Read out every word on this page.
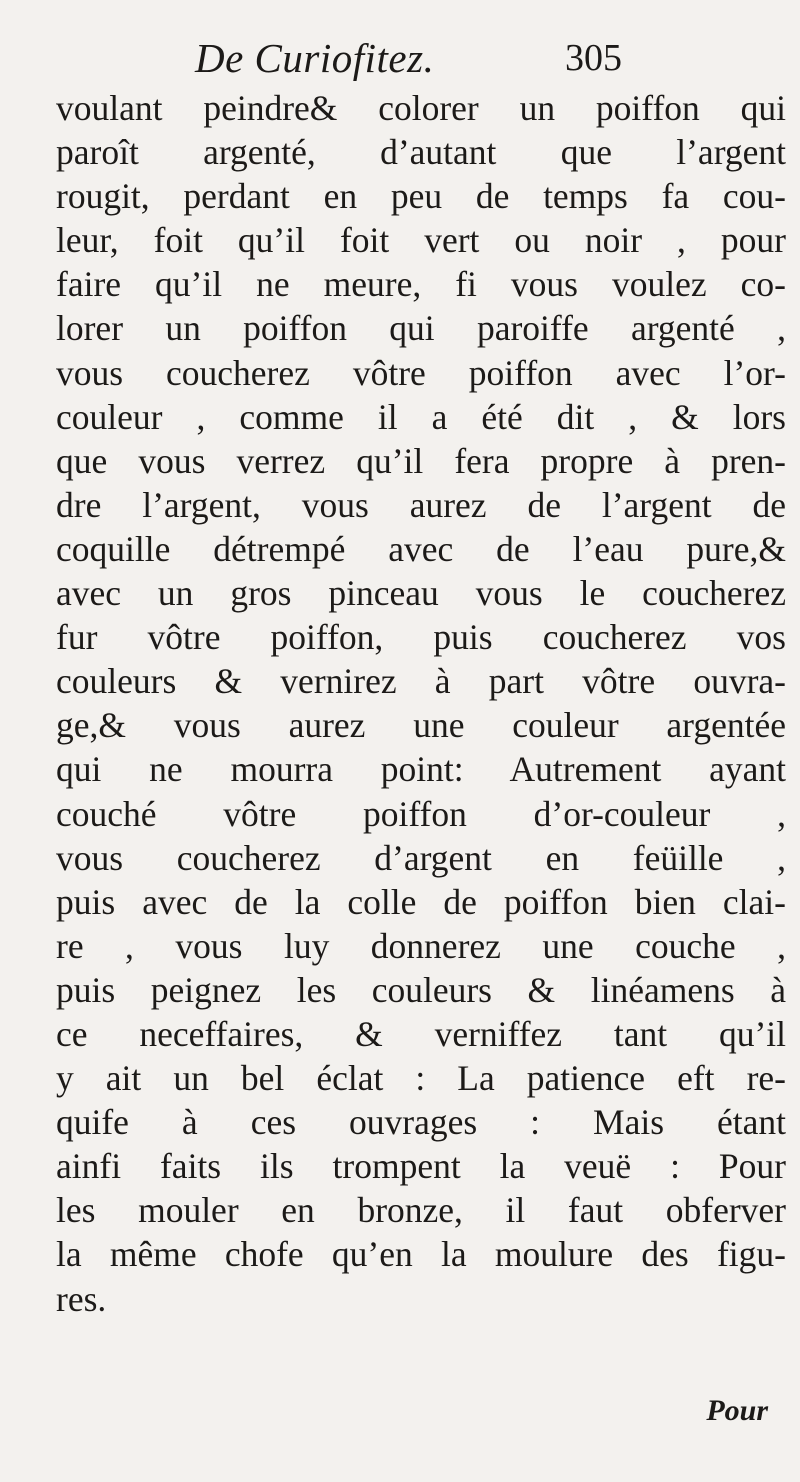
De Curiofitez.	305
voulant peindre& colorer un poiffon qui
paroît argenté, d’autant que l’argent
rougit, perdant en peu de temps fa cou-
leur, foit qu’il foit vert ou noir , pour
faire qu’il ne meure, fi vous voulez co-
lorer un poiffon qui paroiffe argenté ,
vous coucherez vôtre poiffon avec l’or-
couleur , comme il a été dit , & lors
que vous verrez qu’il fera propre à pren-
dre l’argent, vous aurez de l’argent de
coquille détrempé avec de l’eau pure,&
avec un gros pinceau vous le coucherez
fur vôtre poiffon, puis coucherez vos
couleurs & vernirez à part vôtre ouvra-
ge,& vous aurez une couleur argentée
qui ne mourra point: Autrement ayant
couché vôtre poiffon d’or-couleur ,
vous coucherez d’argent en feüille ,
puis avec de la colle de poiffon bien clai-
re , vous luy donnerez une couche ,
puis peignez les couleurs & linéamens à
ce neceffaires, & verniffez tant qu’il
y ait un bel éclat : La patience eft re-
quife à ces ouvrages : Mais étant
ainfi faits ils trompent la veuë : Pour
les mouler en bronze, il faut obferver
la même chofe qu’en la moulure des figu-
res.
Pour
